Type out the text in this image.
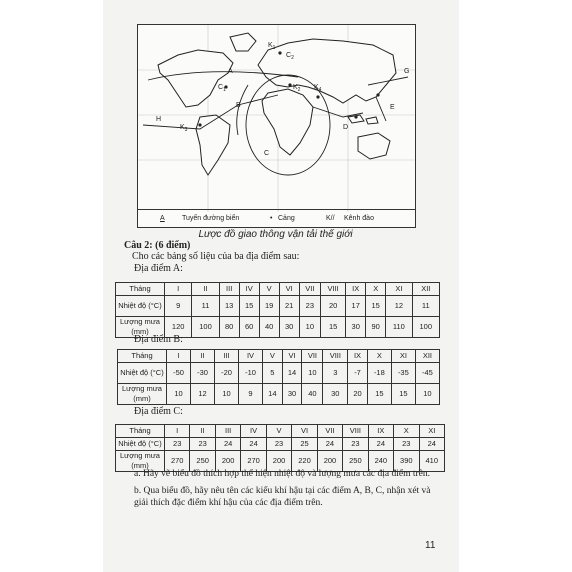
$K_1$
$K_2$
$K_3$
$K_4$
A
$C_1$
$C_2$
B
C
D
E
G
H
A Tuyến đường biển	• Cảng	K// Kênh đào
Lược đồ giao thông vận tải thế giới
Câu 2: (6 điểm)
Cho các bảng số liệu của ba địa điểm sau:
Địa điểm A:
Tháng	I	II	III	IV	V	VI	VII	VIII	IX	X	XI	XII
Nhiệt độ (°C)	9	11	13	15	19	21	23	20	17	15	12	11
Lượng mưa (mm)	120	100	80	60	40	30	10	15	30	90	110	100
Địa điểm B:
Tháng	I	II	III	IV	V	VI	VII	VIII	IX	X	XI	XII
Nhiệt độ (°C)	-50	-30	-20	-10	5	14	10	3	-7	-18	-35	-45
Lượng mưa (mm)	10	12	10	9	14	30	40	30	20	15	15	10
Địa điểm C:
Tháng	I	II	III	IV	V	VI	VII	VIII	IX	X	XI
Nhiệt độ (°C)	23	23	24	24	23	25	24	23	24	23	24
Lượng mưa (mm)	270	250	200	270	200	220	200	250	240	390	410

a. Hãy vẽ biểu đồ thích hợp thể hiện nhiệt độ và lượng mưa các địa điểm trên.

b. Qua biểu đồ, hãy nêu tên các kiểu khí hậu tại các điểm A, B, C, nhận xét và giải thích đặc điểm khí hậu của các địa điểm trên.

11
